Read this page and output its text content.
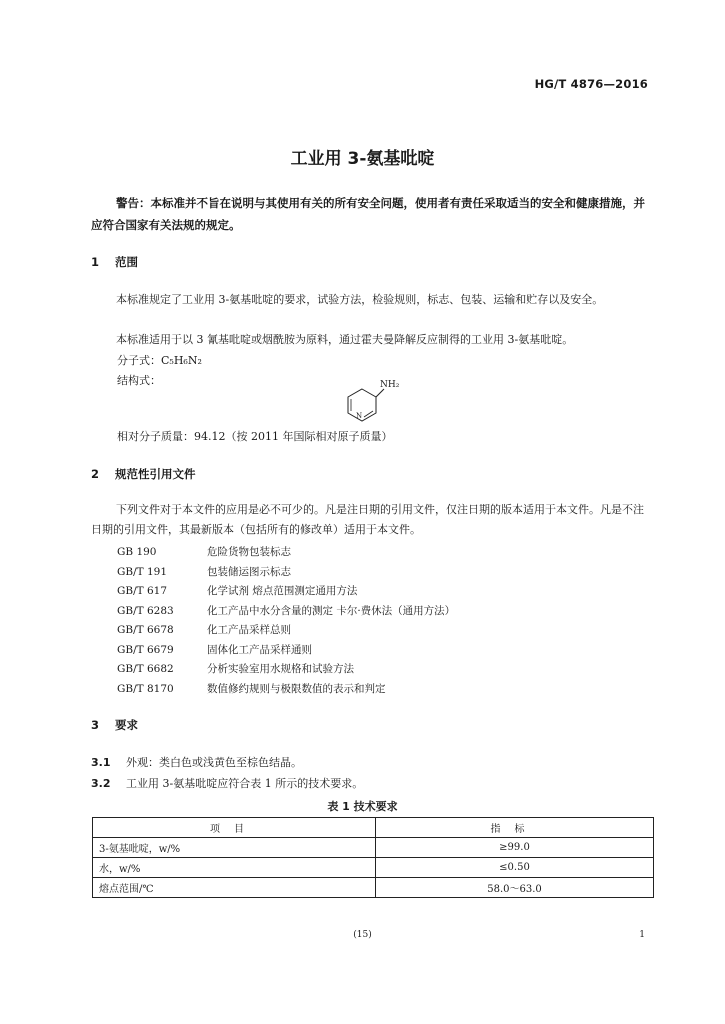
HG/T 4876—2016
工业用 3-氨基吡啶
警告：本标准并不旨在说明与其使用有关的所有安全问题，使用者有责任采取适当的安全和健康措施，并应符合国家有关法规的规定。
1 范围
本标准规定了工业用 3-氨基吡啶的要求，试验方法，检验规则，标志、包装、运输和贮存以及安全。
本标准适用于以 3 氰基吡啶或烟酰胺为原料，通过霍夫曼降解反应制得的工业用 3-氨基吡啶。
分子式：C₅H₆N₂
结构式：
N
NH₂
相对分子质量：94.12（按 2011 年国际相对原子质量）
2 规范性引用文件
下列文件对于本文件的应用是必不可少的。凡是注日期的引用文件，仅注日期的版本适用于本文件。凡是不注日期的引用文件，其最新版本（包括所有的修改单）适用于本文件。
GB 190	危险货物包装标志
GB/T 191	包装储运图示标志
GB/T 617	化学试剂 熔点范围测定通用方法
GB/T 6283	化工产品中水分含量的测定 卡尔·费休法（通用方法）
GB/T 6678	化工产品采样总则
GB/T 6679	固体化工产品采样通则
GB/T 6682	分析实验室用水规格和试验方法
GB/T 8170	数值修约规则与极限数值的表示和判定
3 要求
3.1 外观：类白色或浅黄色至棕色结晶。
3.2 工业用 3-氨基吡啶应符合表 1 所示的技术要求。
表 1 技术要求
项目	指标
3-氨基吡啶，w/%	≥99.0
水，w/%	≤0.50
熔点范围/℃	58.0～63.0
(15)	1
